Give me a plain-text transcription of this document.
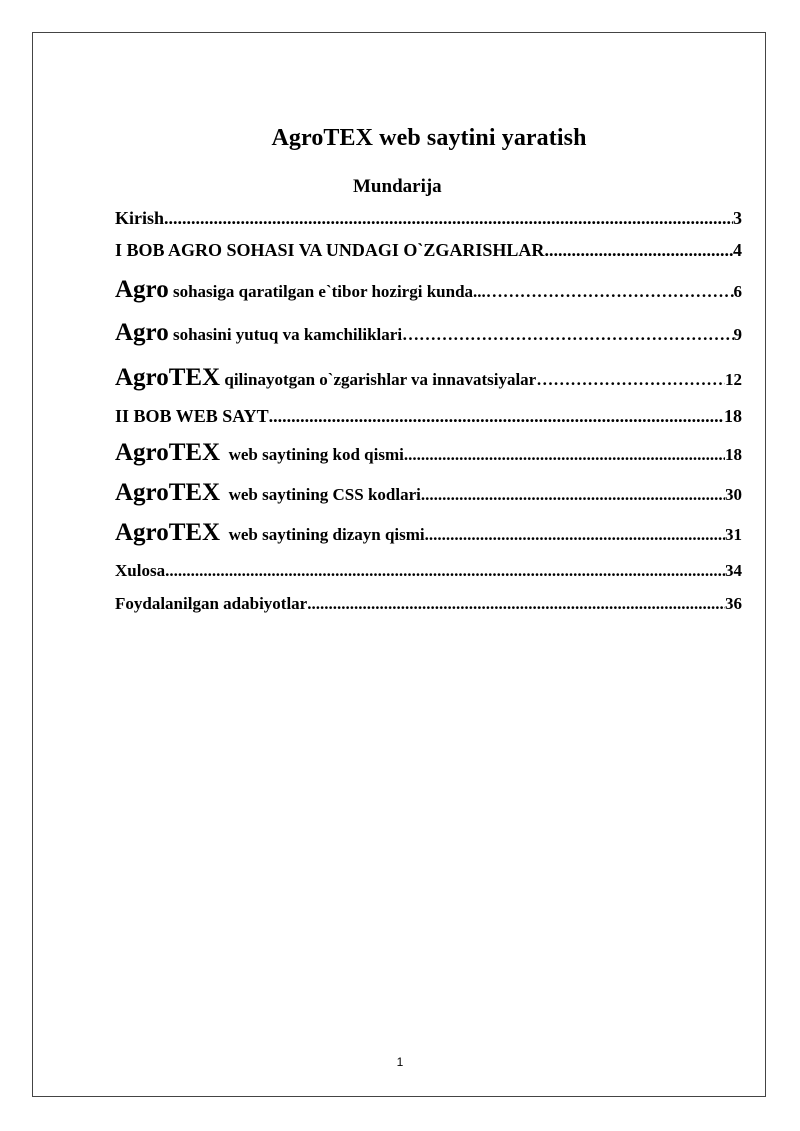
AgroTEX web saytini yaratish
Mundarija
Kirish .....	3
I BOB AGRO SOHASI VA UNDAGI O`ZGARISHLAR .....	4
Agro sohasiga qaratilgan e`tibor hozirgi kunda... ……………………………………………………………………………………………………………………………………………………………………………………	6
Agro sohasini yutuq va kamchiliklari ……………………………………………………………………………………………………………………………………………………………………………………	9
AgroTEX qilinayotgan o`zgarishlar va innavatsiyalar ……………………………………………………………………………………………………………………………………………………………………………………	12
II BOB WEB SAYT .....	18
AgroTEX  web saytining kod qismi .....	18
AgroTEX  web saytining CSS kodlari .....	30
AgroTEX  web saytining dizayn qismi .....	31
Xulosa .....	34
Foydalanilgan adabiyotlar .....	36
1
